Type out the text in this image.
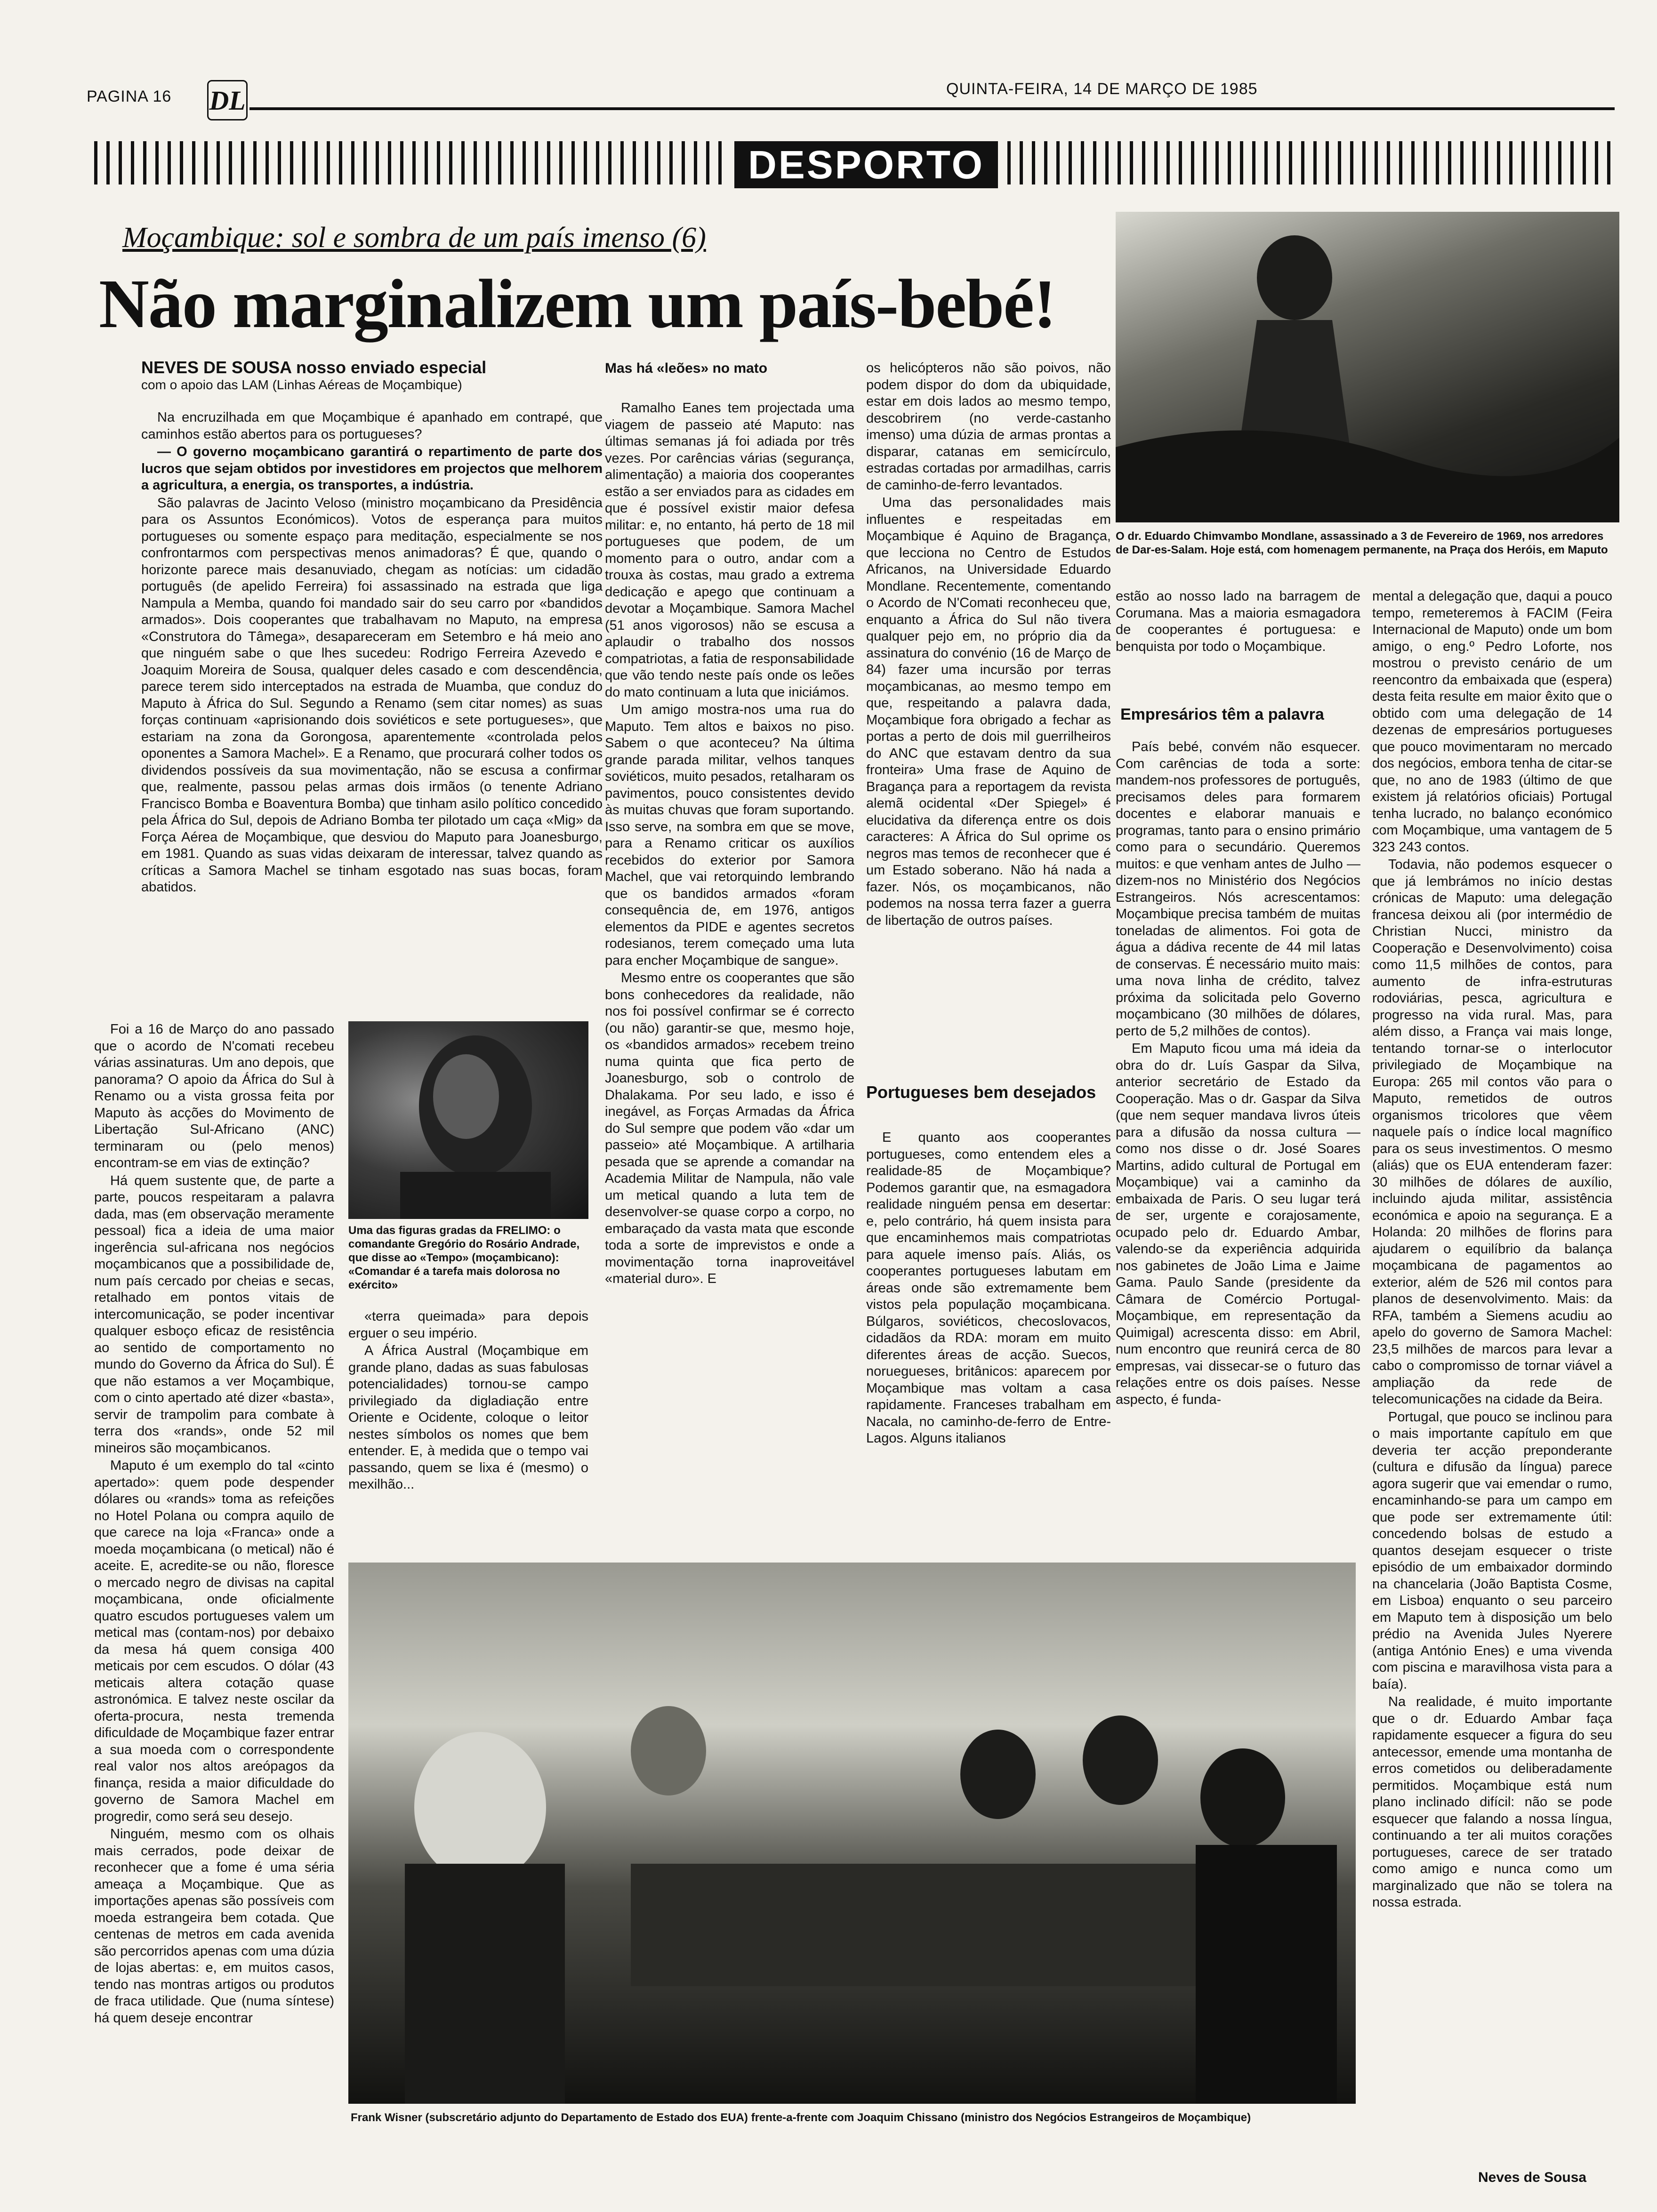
PAGINA 16 DL	QUINTA-FEIRA, 14 DE MARÇO DE 1985
DESPORTO
Moçambique: sol e sombra de um país imenso (6)
Não marginalizem um país-bebé!
NEVES DE SOUSA nosso enviado especial
com o apoio das LAM (Linhas Aéreas de Moçambique)

Na encruzilhada em que Moçambique é apanhado em contrapé, que caminhos estão abertos para os portugueses?

— O governo moçambicano garantirá o repartimento de parte dos lucros que sejam obtidos por investidores em projectos que melhorem a agricultura, a energia, os transportes, a indústria.

São palavras de Jacinto Veloso (ministro moçambicano da Presidência para os Assuntos Económicos). Votos de esperança para muitos portugueses ou somente espaço para meditação, especialmente se nos confrontarmos com perspectivas menos animadoras? É que, quando o horizonte parece mais desanuviado, chegam as notícias: um cidadão português (de apelido Ferreira) foi assassinado na estrada que liga Nampula a Memba, quando foi mandado sair do seu carro por «bandidos armados». Dois cooperantes que trabalhavam no Maputo, na empresa «Construtora do Tâmega», desapareceram em Setembro e há meio ano que ninguém sabe o que lhes sucedeu: Rodrigo Ferreira Azevedo e Joaquim Moreira de Sousa, qualquer deles casado e com descendência, parece terem sido interceptados na estrada de Muamba, que conduz do Maputo à África do Sul. Segundo a Renamo (sem citar nomes) as suas forças continuam «aprisionando dois soviéticos e sete portugueses», que estariam na zona da Gorongosa, aparentemente «controlada pelos oponentes a Samora Machel». E a Renamo, que procurará colher todos os dividendos possíveis da sua movimentação, não se escusa a confirmar que, realmente, passou pelas armas dois irmãos (o tenente Adriano Francisco Bomba e Boaventura Bomba) que tinham asilo político concedido pela África do Sul, depois de Adriano Bomba ter pilotado um caça «Mig» da Força Aérea de Moçambique, que desviou do Maputo para Joanesburgo, em 1981. Quando as suas vidas deixaram de interessar, talvez quando as críticas a Samora Machel se tinham esgotado nas suas bocas, foram abatidos.

Foi a 16 de Março do ano passado que o acordo de N'comati recebeu várias assinaturas. Um ano depois, que panorama? O apoio da África do Sul à Renamo ou a vista grossa feita por Maputo às acções do Movimento de Libertação Sul-Africano (ANC) terminaram ou (pelo menos) encontram-se em vias de extinção?

Há quem sustente que, de parte a parte, poucos respeitaram a palavra dada, mas (em observação meramente pessoal) fica a ideia de uma maior ingerência sul-africana nos negócios moçambicanos que a possibilidade de, num país cercado por cheias e secas, retalhado em pontos vitais de intercomunicação, se poder incentivar qualquer esboço eficaz de resistência ao sentido de comportamento no mundo do Governo da África do Sul). É que não estamos a ver Moçambique, com o cinto apertado até dizer «basta», servir de trampolim para combate à terra dos «rands», onde 52 mil mineiros são moçambicanos.

Maputo é um exemplo do tal «cinto apertado»: quem pode despender dólares ou «rands» toma as refeições no Hotel Polana ou compra aquilo de que carece na loja «Franca» onde a moeda moçambicana (o metical) não é aceite. E, acredite-se ou não, floresce o mercado negro de divisas na capital moçambicana, onde oficialmente quatro escudos portugueses valem um metical mas (contam-nos) por debaixo da mesa há quem consiga 400 meticais por cem escudos. O dólar (43 meticais altera cotação quase astronómica. E talvez neste oscilar da oferta-procura, nesta tremenda dificuldade de Moçambique fazer entrar a sua moeda com o correspondente real valor nos altos areópagos da finança, resida a maior dificuldade do governo de Samora Machel em progredir, como será seu desejo.

Ninguém, mesmo com os olhais mais cerrados, pode deixar de reconhecer que a fome é uma séria ameaça a Moçambique. Que as importações apenas são possíveis com moeda estrangeira bem cotada. Que centenas de metros em cada avenida são percorridos apenas com uma dúzia de lojas abertas: e, em muitos casos, tendo nas montras artigos ou produtos de fraca utilidade. Que (numa síntese) há quem deseje encontrar

Uma das figuras gradas da FRELIMO: o comandante Gregório do Rosário Andrade, que disse ao «Tempo» (moçambicano): «Comandar é a tarefa mais dolorosa no exército»

«terra queimada» para depois erguer o seu império.

A África Austral (Moçambique em grande plano, dadas as suas fabulosas potencialidades) tornou-se campo privilegiado da digladiação entre Oriente e Ocidente, coloque o leitor nestes símbolos os nomes que bem entender. E, à medida que o tempo vai passando, quem se lixa é (mesmo) o mexilhão...

Mas há «leões» no mato

Ramalho Eanes tem projectada uma viagem de passeio até Maputo: nas últimas semanas já foi adiada por três vezes. Por carências várias (segurança, alimentação) a maioria dos cooperantes estão a ser enviados para as cidades em que é possível existir maior defesa militar: e, no entanto, há perto de 18 mil portugueses que podem, de um momento para o outro, andar com a trouxa às costas, mau grado a extrema dedicação e apego que continuam a devotar a Moçambique. Samora Machel (51 anos vigorosos) não se escusa a aplaudir o trabalho dos nossos compatriotas, a fatia de responsabilidade que vão tendo neste país onde os leões do mato continuam a luta que iniciámos.

Um amigo mostra-nos uma rua do Maputo. Tem altos e baixos no piso. Sabem o que aconteceu? Na última grande parada militar, velhos tanques soviéticos, muito pesados, retalharam os pavimentos, pouco consistentes devido às muitas chuvas que foram suportando. Isso serve, na sombra em que se move, para a Renamo criticar os auxílios recebidos do exterior por Samora Machel, que vai retorquindo lembrando que os bandidos armados «foram consequência de, em 1976, antigos elementos da PIDE e agentes secretos rodesianos, terem começado uma luta para encher Moçambique de sangue».

Mesmo entre os cooperantes que são bons conhecedores da realidade, não nos foi possível confirmar se é correcto (ou não) garantir-se que, mesmo hoje, os «bandidos armados» recebem treino numa quinta que fica perto de Joanesburgo, sob o controlo de Dhalakama. Por seu lado, e isso é inegável, as Forças Armadas da África do Sul sempre que podem vão «dar um passeio» até Moçambique. A artilharia pesada que se aprende a comandar na Academia Militar de Nampula, não vale um metical quando a luta tem de desenvolver-se quase corpo a corpo, no embaraçado da vasta mata que esconde toda a sorte de imprevistos e onde a movimentação torna inaproveitável «material duro». E

os helicópteros não são poivos, não podem dispor do dom da ubiquidade, estar em dois lados ao mesmo tempo, descobrirem (no verde-castanho imenso) uma dúzia de armas prontas a disparar, catanas em semicírculo, estradas cortadas por armadilhas, carris de caminho-de-ferro levantados.

Uma das personalidades mais influentes e respeitadas em Moçambique é Aquino de Bragança, que lecciona no Centro de Estudos Africanos, na Universidade Eduardo Mondlane. Recentemente, comentando o Acordo de N'Comati reconheceu que, enquanto a África do Sul não tivera qualquer pejo em, no próprio dia da assinatura do convénio (16 de Março de 84) fazer uma incursão por terras moçambicanas, ao mesmo tempo em que, respeitando a palavra dada, Moçambique fora obrigado a fechar as portas a perto de dois mil guerrilheiros do ANC que estavam dentro da sua fronteira» Uma frase de Aquino de Bragança para a reportagem da revista alemã ocidental «Der Spiegel» é elucidativa da diferença entre os dois caracteres: A África do Sul oprime os negros mas temos de reconhecer que é um Estado soberano. Não há nada a fazer. Nós, os moçambicanos, não podemos na nossa terra fazer a guerra de libertação de outros países.

Portugueses bem desejados

E quanto aos cooperantes portugueses, como entendem eles a realidade-85 de Moçambique? Podemos garantir que, na esmagadora realidade ninguém pensa em desertar: e, pelo contrário, há quem insista para que encaminhemos mais compatriotas para aquele imenso país. Aliás, os cooperantes portugueses labutam em áreas onde são extremamente bem vistos pela população moçambicana. Búlgaros, soviéticos, checoslovacos, cidadãos da RDA: moram em muito diferentes áreas de acção. Suecos, noruegueses, britânicos: aparecem por Moçambique mas voltam a casa rapidamente. Franceses trabalham em Nacala, no caminho-de-ferro de Entre-Lagos. Alguns italianos

O dr. Eduardo Chimvambo Mondlane, assassinado a 3 de Fevereiro de 1969, nos arredores de Dar-es-Salam. Hoje está, com homenagem permanente, na Praça dos Heróis, em Maputo

estão ao nosso lado na barragem de Corumana. Mas a maioria esmagadora de cooperantes é portuguesa: e benquista por todo o Moçambique.

Empresários têm a palavra

País bebé, convém não esquecer. Com carências de toda a sorte: mandem-nos professores de português, precisamos deles para formarem docentes e elaborar manuais e programas, tanto para o ensino primário como para o secundário. Queremos muitos: e que venham antes de Julho — dizem-nos no Ministério dos Negócios Estrangeiros. Nós acrescentamos: Moçambique precisa também de muitas toneladas de alimentos. Foi gota de água a dádiva recente de 44 mil latas de conservas. É necessário muito mais: uma nova linha de crédito, talvez próxima da solicitada pelo Governo moçambicano (30 milhões de dólares, perto de 5,2 milhões de contos).

Em Maputo ficou uma má ideia da obra do dr. Luís Gaspar da Silva, anterior secretário de Estado da Cooperação. Mas o dr. Gaspar da Silva (que nem sequer mandava livros úteis para a difusão da nossa cultura — como nos disse o dr. José Soares Martins, adido cultural de Portugal em Moçambique) vai a caminho da embaixada de Paris. O seu lugar terá de ser, urgente e corajosamente, ocupado pelo dr. Eduardo Ambar, valendo-se da experiência adquirida nos gabinetes de João Lima e Jaime Gama. Paulo Sande (presidente da Câmara de Comércio Portugal-Moçambique, em representação da Quimigal) acrescenta disso: em Abril, num encontro que reunirá cerca de 80 empresas, vai dissecar-se o futuro das relações entre os dois países. Nesse aspecto, é funda-

mental a delegação que, daqui a pouco tempo, remeteremos à FACIM (Feira Internacional de Maputo) onde um bom amigo, o eng.º Pedro Loforte, nos mostrou o previsto cenário de um reencontro da embaixada que (espera) desta feita resulte em maior êxito que o obtido com uma delegação de 14 dezenas de empresários portugueses que pouco movimentaram no mercado dos negócios, embora tenha de citar-se que, no ano de 1983 (último de que existem já relatórios oficiais) Portugal tenha lucrado, no balanço económico com Moçambique, uma vantagem de 5 323 243 contos.

Todavia, não podemos esquecer o que já lembrámos no início destas crónicas de Maputo: uma delegação francesa deixou ali (por intermédio de Christian Nucci, ministro da Cooperação e Desenvolvimento) coisa como 11,5 milhões de contos, para aumento de infra-estruturas rodoviárias, pesca, agricultura e progresso na vida rural. Mas, para além disso, a França vai mais longe, tentando tornar-se o interlocutor privilegiado de Moçambique na Europa: 265 mil contos vão para o Maputo, remetidos de outros organismos tricolores que vêem naquele país o índice local magnífico para os seus investimentos. O mesmo (aliás) que os EUA entenderam fazer: 30 milhões de dólares de auxílio, incluindo ajuda militar, assistência económica e apoio na segurança. E a Holanda: 20 milhões de florins para ajudarem o equilíbrio da balança moçambicana de pagamentos ao exterior, além de 526 mil contos para planos de desenvolvimento. Mais: da RFA, também a Siemens acudiu ao apelo do governo de Samora Machel: 23,5 milhões de marcos para levar a cabo o compromisso de tornar viável a ampliação da rede de telecomunicações na cidade da Beira.

Portugal, que pouco se inclinou para o mais importante capítulo em que deveria ter acção preponderante (cultura e difusão da língua) parece agora sugerir que vai emendar o rumo, encaminhando-se para um campo em que pode ser extremamente útil: concedendo bolsas de estudo a quantos desejam esquecer o triste episódio de um embaixador dormindo na chancelaria (João Baptista Cosme, em Lisboa) enquanto o seu parceiro em Maputo tem à disposição um belo prédio na Avenida Jules Nyerere (antiga António Enes) e uma vivenda com piscina e maravilhosa vista para a baía).

Na realidade, é muito importante que o dr. Eduardo Ambar faça rapidamente esquecer a figura do seu antecessor, emende uma montanha de erros cometidos ou deliberadamente permitidos. Moçambique está num plano inclinado difícil: não se pode esquecer que falando a nossa língua, continuando a ter ali muitos corações portugueses, carece de ser tratado como amigo e nunca como um marginalizado que não se tolera na nossa estrada.

Neves de Sousa
Frank Wisner (subscretário adjunto do Departamento de Estado dos EUA) frente-a-frente com Joaquim Chissano (ministro dos Negócios Estrangeiros de Moçambique)
